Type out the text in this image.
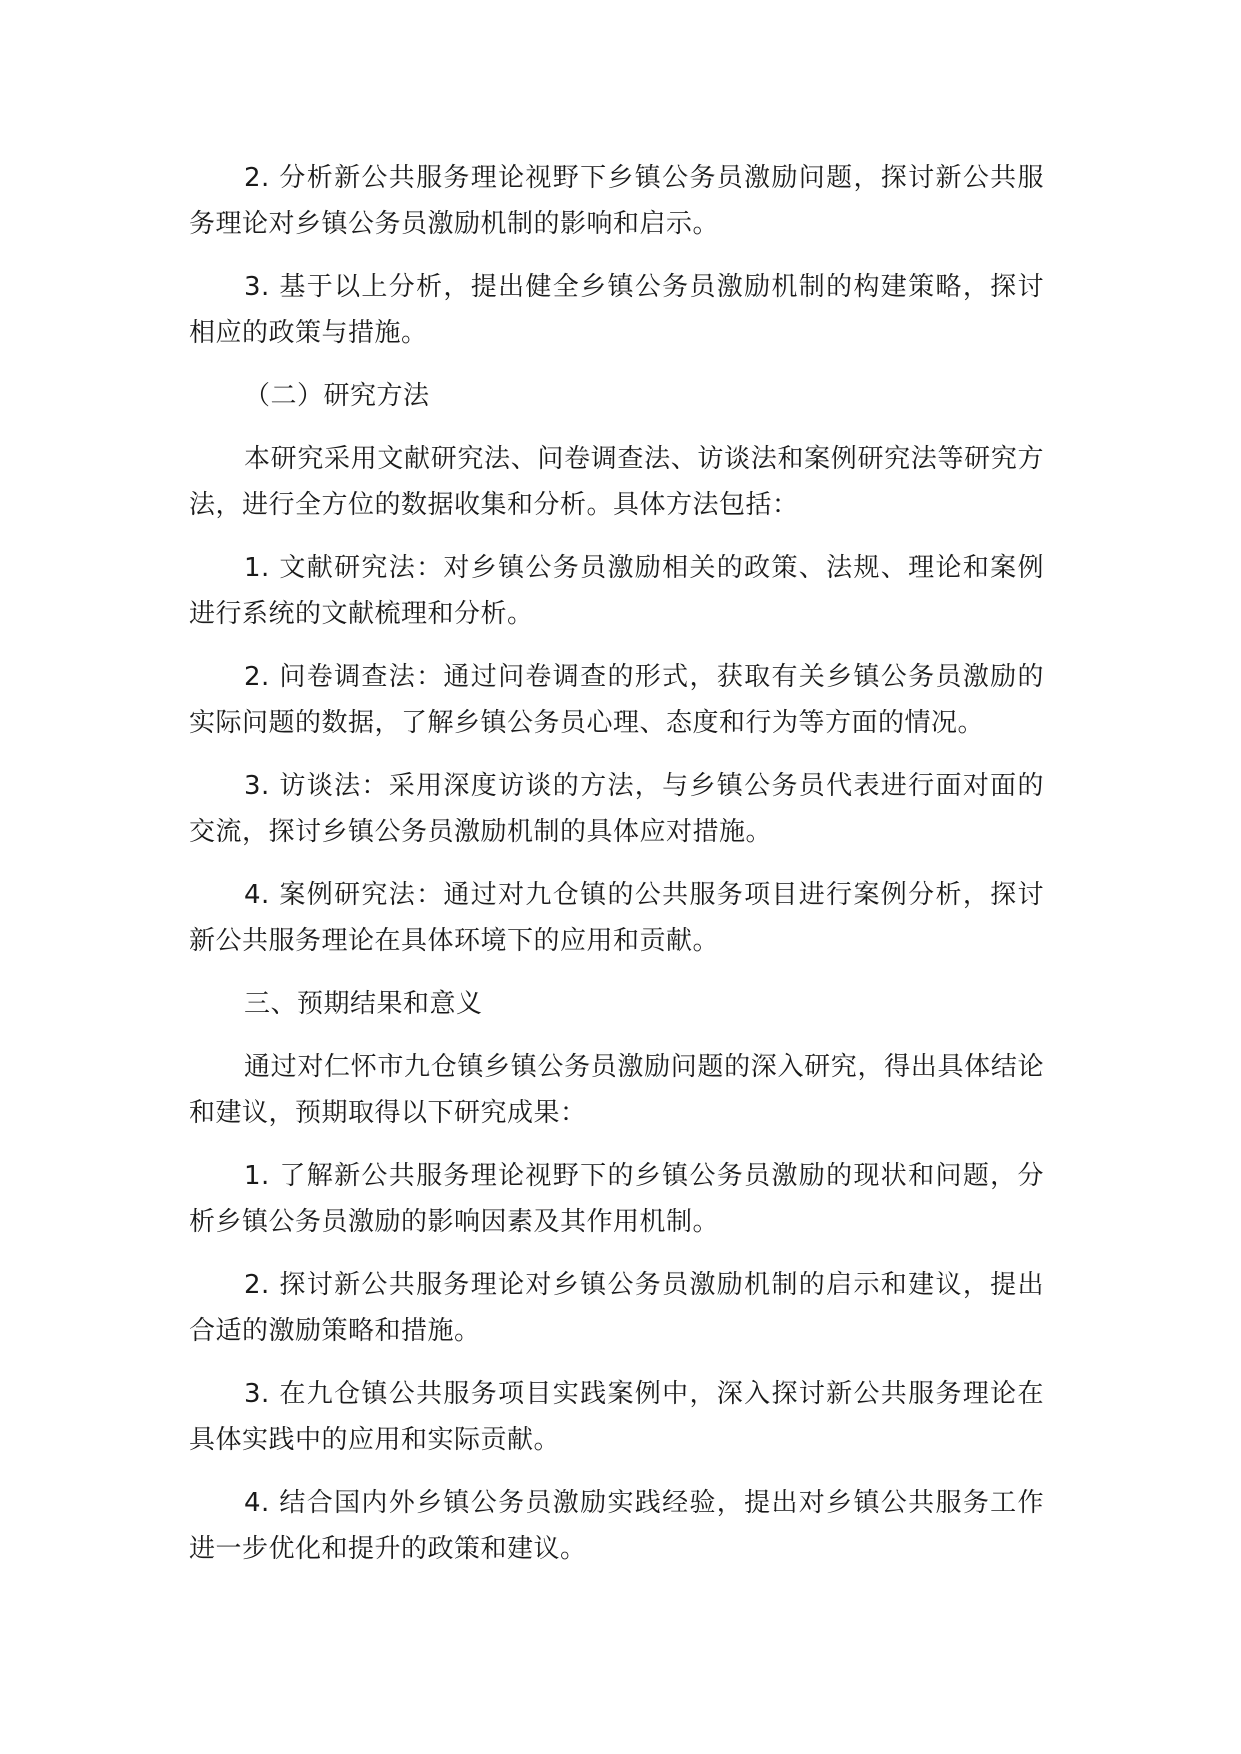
2. 分析新公共服务理论视野下乡镇公务员激励问题，探讨新公共服务理论对乡镇公务员激励机制的影响和启示。

3. 基于以上分析，提出健全乡镇公务员激励机制的构建策略，探讨相应的政策与措施。

（二）研究方法

本研究采用文献研究法、问卷调查法、访谈法和案例研究法等研究方法，进行全方位的数据收集和分析。具体方法包括：

1. 文献研究法：对乡镇公务员激励相关的政策、法规、理论和案例进行系统的文献梳理和分析。

2. 问卷调查法：通过问卷调查的形式，获取有关乡镇公务员激励的实际问题的数据，了解乡镇公务员心理、态度和行为等方面的情况。

3. 访谈法：采用深度访谈的方法，与乡镇公务员代表进行面对面的交流，探讨乡镇公务员激励机制的具体应对措施。

4. 案例研究法：通过对九仓镇的公共服务项目进行案例分析，探讨新公共服务理论在具体环境下的应用和贡献。

三、预期结果和意义

通过对仁怀市九仓镇乡镇公务员激励问题的深入研究，得出具体结论和建议，预期取得以下研究成果：

1. 了解新公共服务理论视野下的乡镇公务员激励的现状和问题，分析乡镇公务员激励的影响因素及其作用机制。

2. 探讨新公共服务理论对乡镇公务员激励机制的启示和建议，提出合适的激励策略和措施。

3. 在九仓镇公共服务项目实践案例中，深入探讨新公共服务理论在具体实践中的应用和实际贡献。

4. 结合国内外乡镇公务员激励实践经验，提出对乡镇公共服务工作进一步优化和提升的政策和建议。
